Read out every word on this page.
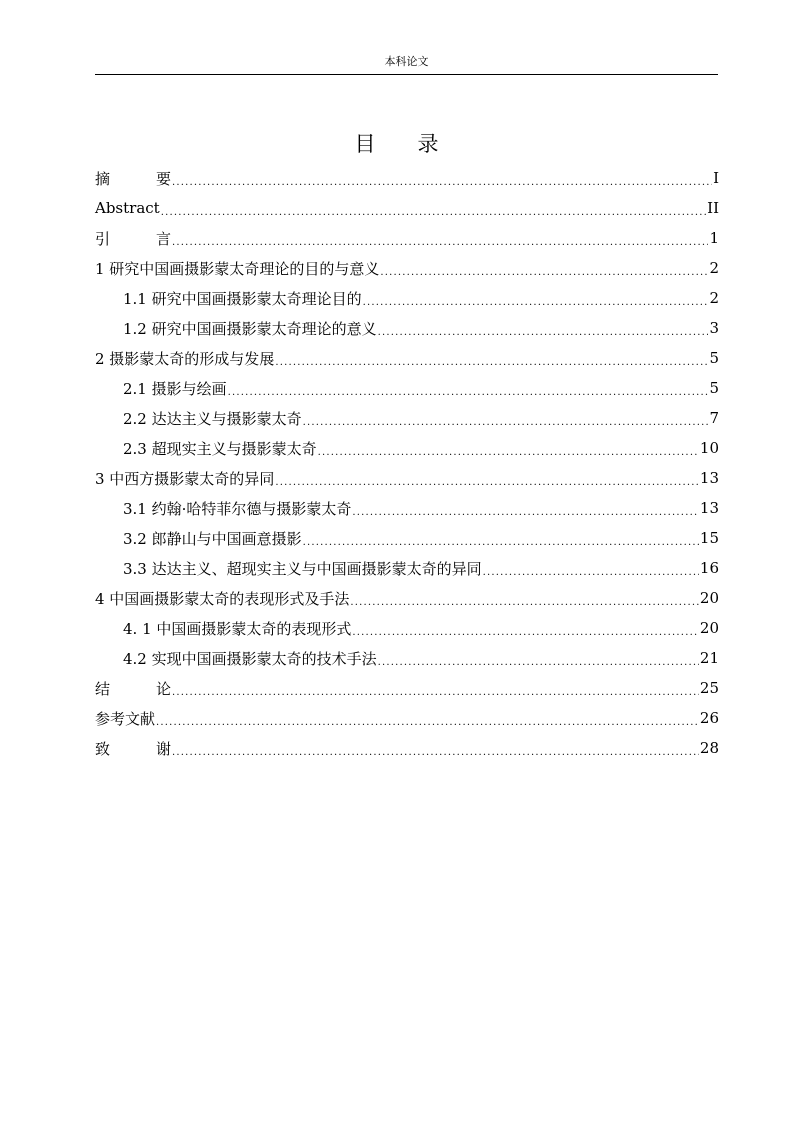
本科论文
目 录
摘　要 .....	I
Abstract .....	II
引　言 .....	1
1 研究中国画摄影蒙太奇理论的目的与意义 .....	2
1.1 研究中国画摄影蒙太奇理论目的 .....	2
1.2 研究中国画摄影蒙太奇理论的意义 .....	3
2 摄影蒙太奇的形成与发展 .....	5
2.1 摄影与绘画 .....	5
2.2 达达主义与摄影蒙太奇 .....	7
2.3 超现实主义与摄影蒙太奇 .....	10
3 中西方摄影蒙太奇的异同 .....	13
3.1 约翰·哈特菲尔德与摄影蒙太奇 .....	13
3.2 郎静山与中国画意摄影 .....	15
3.3 达达主义、超现实主义与中国画摄影蒙太奇的异同 .....	16
4 中国画摄影蒙太奇的表现形式及手法 .....	20
4. 1 中国画摄影蒙太奇的表现形式 .....	20
4.2 实现中国画摄影蒙太奇的技术手法 .....	21
结　论 .....	25
参考文献 .....	26
致　谢 .....	28
